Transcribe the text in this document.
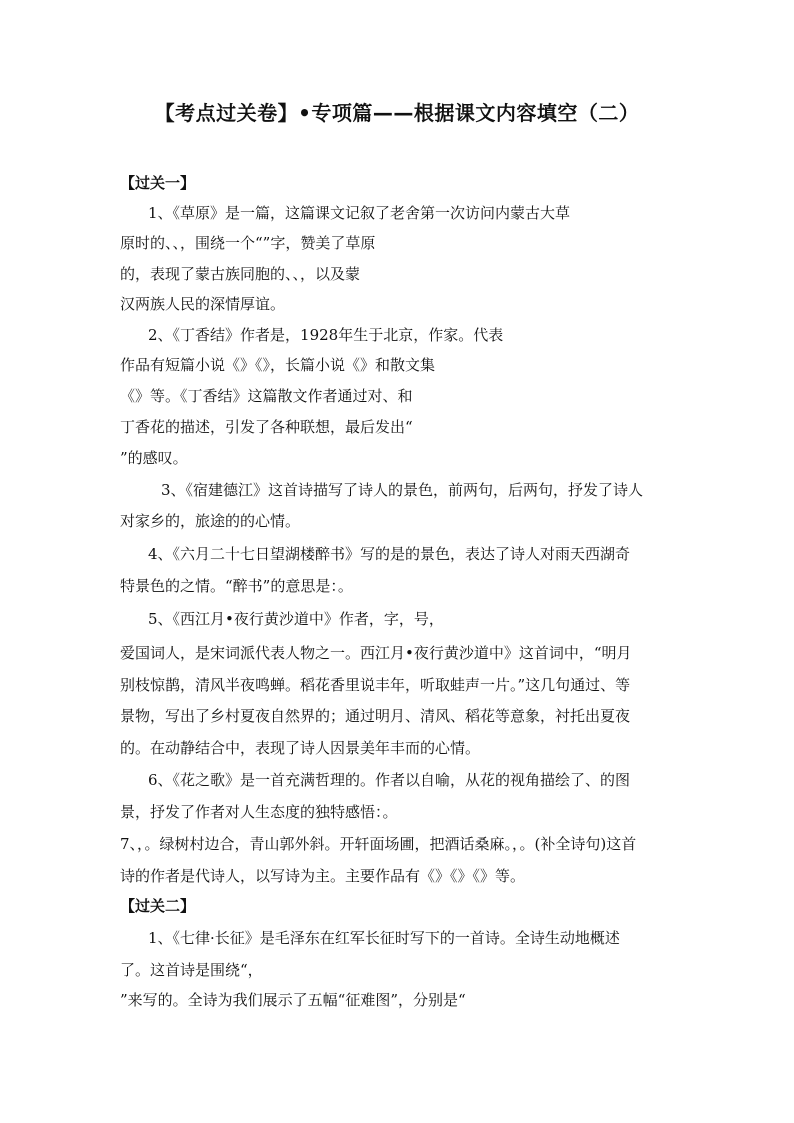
【考点过关卷】•专项篇——根据课文内容填空（二）
【过关一】
1、《草原》是一篇，这篇课文记叙了老舍第一次访问内蒙古大草
原时的、、，围绕一个“”字，赞美了草原
的，表现了蒙古族同胞的、、，以及蒙
汉两族人民的深情厚谊。
2、《丁香结》作者是，1928年生于北京，作家。代表
作品有短篇小说《》《》，长篇小说《》和散文集
《》等。《丁香结》这篇散文作者通过对、和
丁香花的描述，引发了各种联想，最后发出“
”的感叹。
3、《宿建德江》这首诗描写了诗人的景色，前两句，后两句，抒发了诗人
对家乡的，旅途的的心情。
4、《六月二十七日望湖楼醉书》写的是的景色，表达了诗人对雨天西湖奇
特景色的之情。“醉书”的意思是：。
5、《西江月•夜行黄沙道中》作者，字，号，
爱国词人，是宋词派代表人物之一。西江月•夜行黄沙道中》这首词中，“明月
别枝惊鹊，清风半夜鸣蝉。稻花香里说丰年，听取蛙声一片。”这几句通过、等
景物，写出了乡村夏夜自然界的；通过明月、清风、稻花等意象，衬托出夏夜
的。在动静结合中，表现了诗人因景美年丰而的心情。
6、《花之歌》是一首充满哲理的。作者以自喻，从花的视角描绘了、的图
景，抒发了作者对人生态度的独特感悟：。
7、，。绿树村边合，青山郭外斜。开轩面场圃，把酒话桑麻。，。(补全诗句)这首
诗的作者是代诗人，以写诗为主。主要作品有《》《》《》等。
【过关二】
1、《七律·长征》是毛泽东在红军长征时写下的一首诗。全诗生动地概述
了。这首诗是围绕“，
”来写的。全诗为我们展示了五幅“征难图”，分别是“
